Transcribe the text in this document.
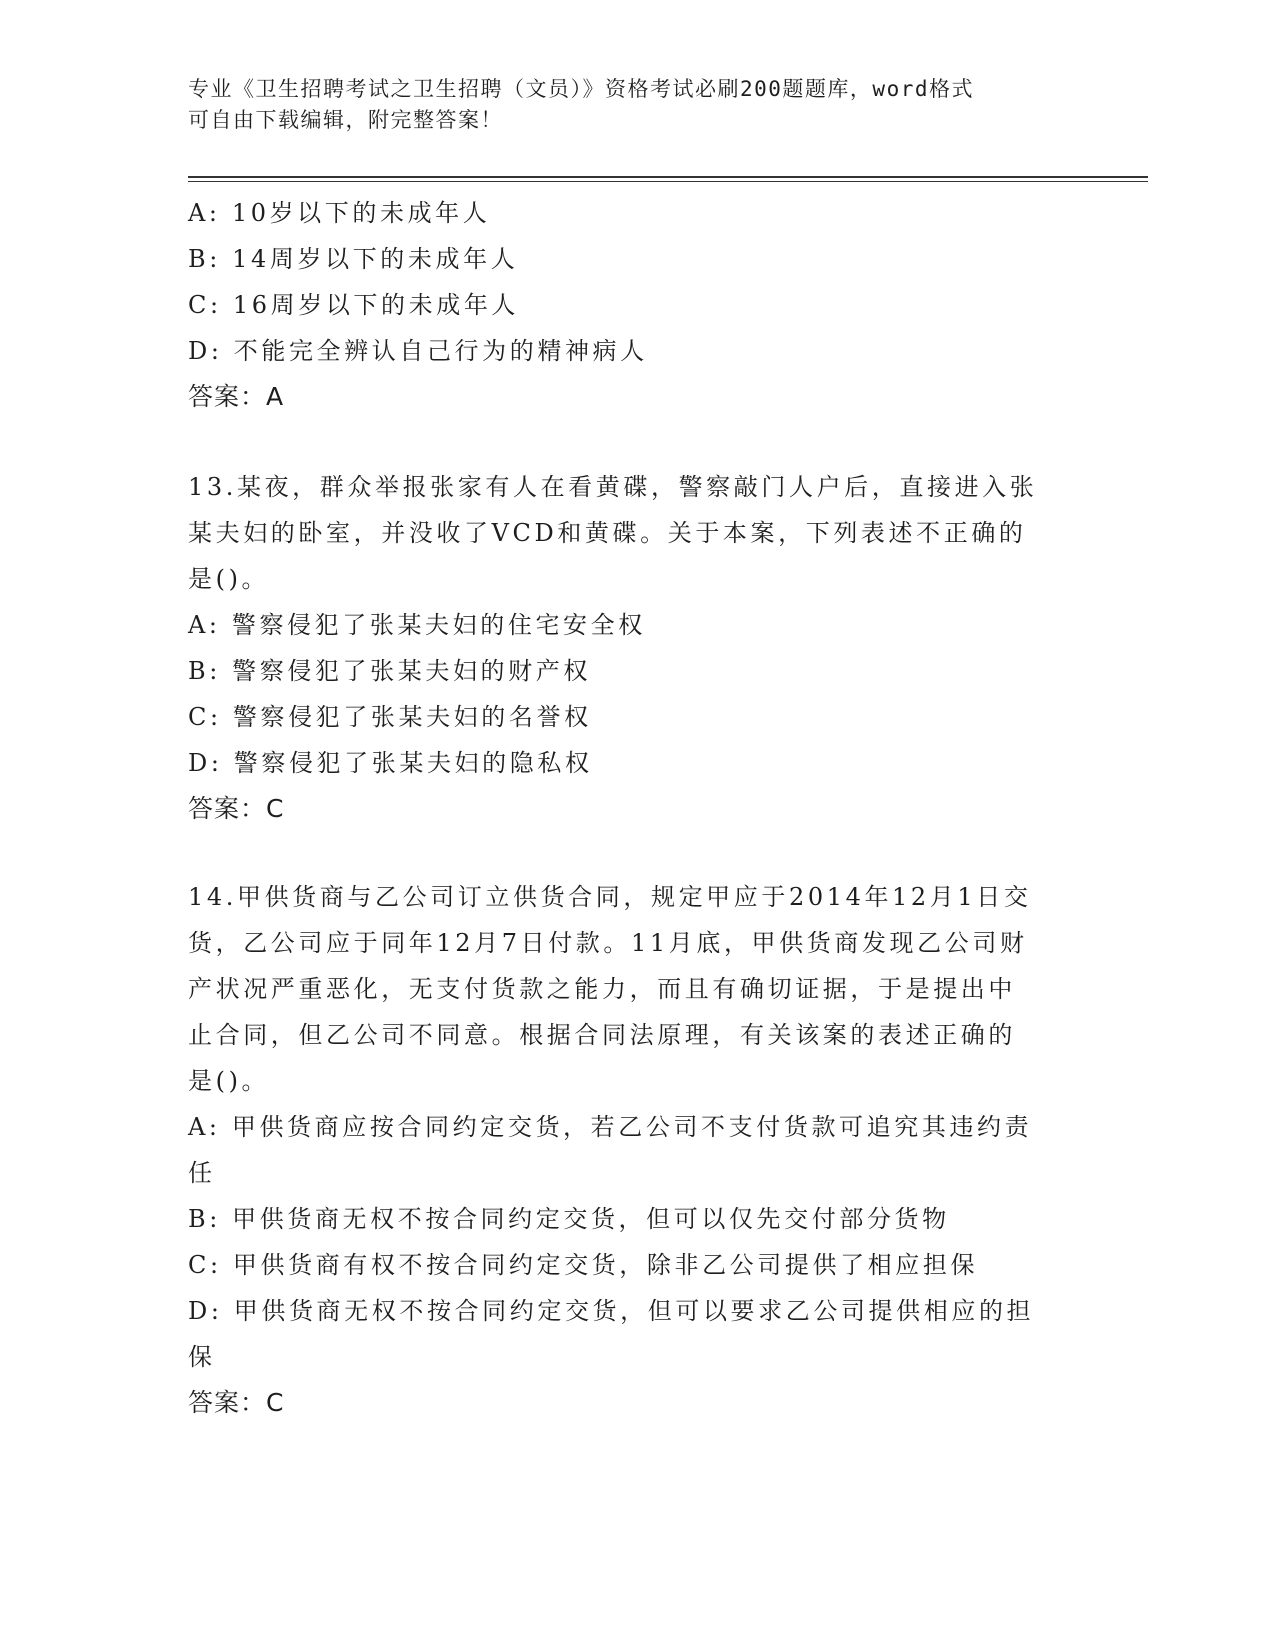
专业《卫生招聘考试之卫生招聘（文员）》资格考试必刷200题题库，word格式
可自由下载编辑，附完整答案！
A: 10岁以下的未成年人
B: 14周岁以下的未成年人
C: 16周岁以下的未成年人
D: 不能完全辨认自己行为的精神病人
答案：A
13.某夜，群众举报张家有人在看黄碟，警察敲门人户后，直接进入张
某夫妇的卧室，并没收了VCD和黄碟。关于本案，下列表述不正确的
是()。
A: 警察侵犯了张某夫妇的住宅安全权
B: 警察侵犯了张某夫妇的财产权
C: 警察侵犯了张某夫妇的名誉权
D: 警察侵犯了张某夫妇的隐私权
答案：C
14.甲供货商与乙公司订立供货合同，规定甲应于2014年12月1日交
货，乙公司应于同年12月7日付款。11月底，甲供货商发现乙公司财
产状况严重恶化，无支付货款之能力，而且有确切证据，于是提出中
止合同，但乙公司不同意。根据合同法原理，有关该案的表述正确的
是()。
A: 甲供货商应按合同约定交货，若乙公司不支付货款可追究其违约责
任
B: 甲供货商无权不按合同约定交货，但可以仅先交付部分货物
C: 甲供货商有权不按合同约定交货，除非乙公司提供了相应担保
D: 甲供货商无权不按合同约定交货，但可以要求乙公司提供相应的担
保
答案：C
